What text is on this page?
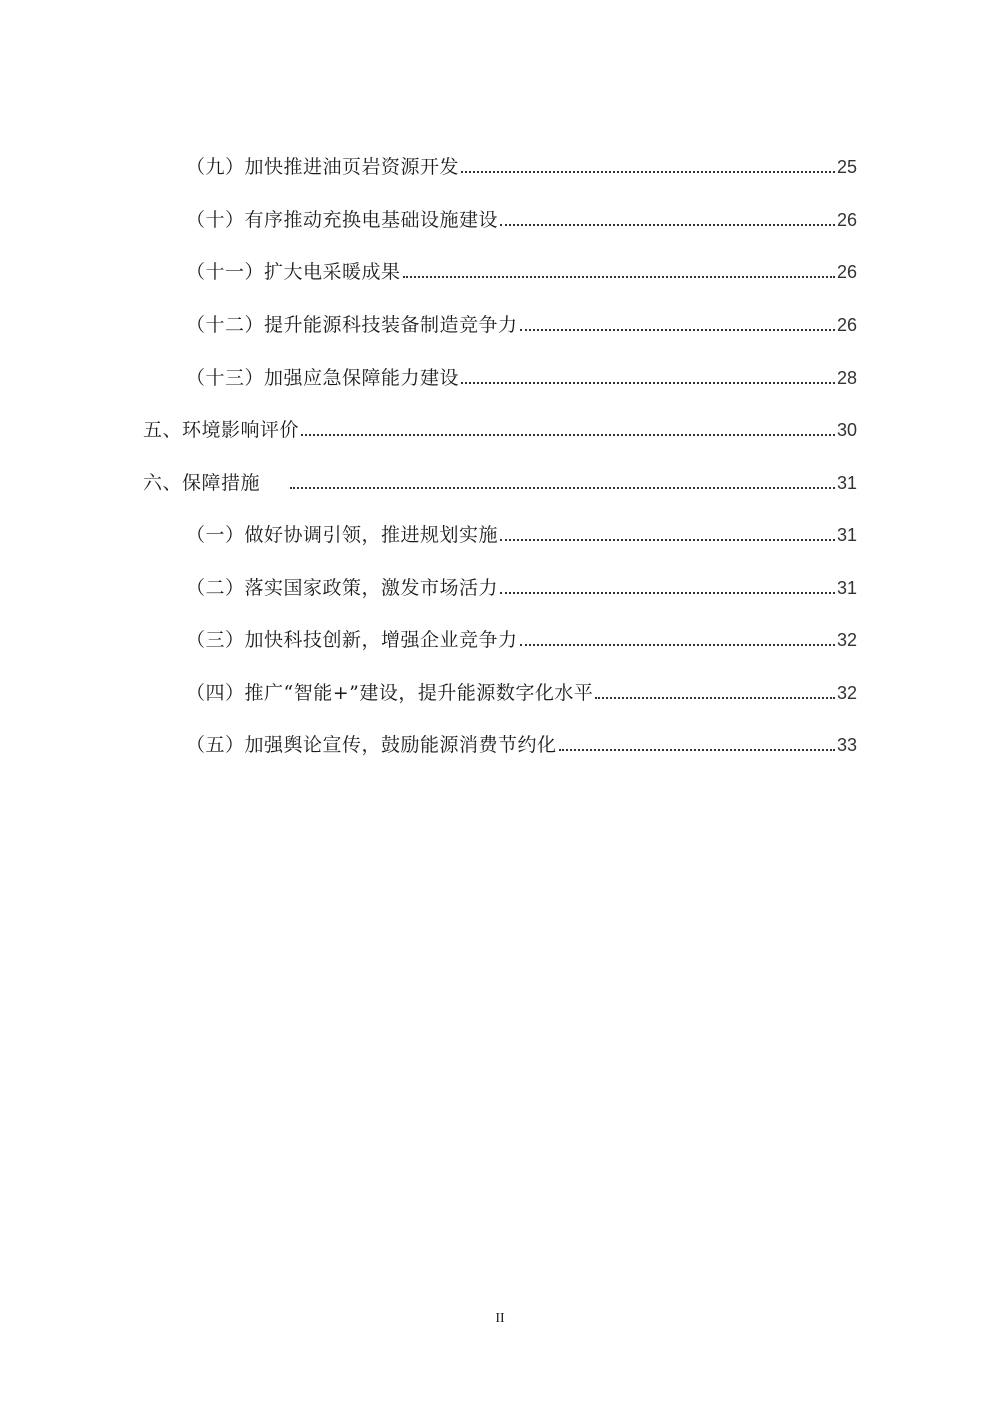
（九）加快推进油页岩资源开发	25
（十）有序推动充换电基础设施建设	26
（十一）扩大电采暖成果	26
（十二）提升能源科技装备制造竞争力	26
（十三）加强应急保障能力建设	28
五、环境影响评价	30
六、保障措施	31
（一）做好协调引领，推进规划实施	31
（二）落实国家政策，激发市场活力	31
（三）加快科技创新，增强企业竞争力	32
（四）推广“智能+”建设，提升能源数字化水平	32
（五）加强舆论宣传，鼓励能源消费节约化	33
II
